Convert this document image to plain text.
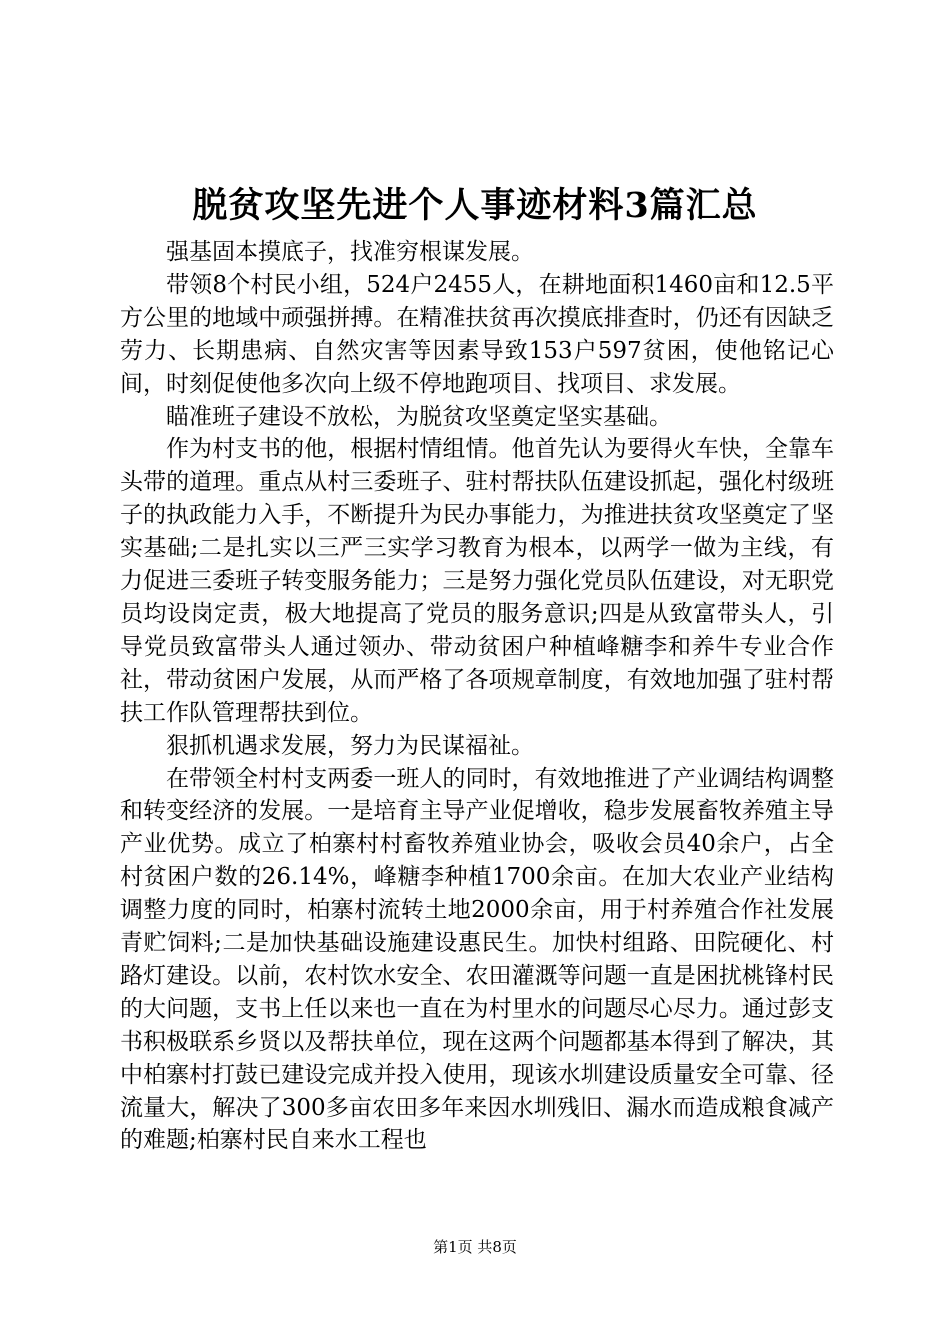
脱贫攻坚先进个人事迹材料3篇汇总

强基固本摸底子，找准穷根谋发展。

带领8个村民小组，524户2455人，在耕地面积1460亩和12.5平方公里的地域中顽强拼搏。在精准扶贫再次摸底排查时，仍还有因缺乏劳力、长期患病、自然灾害等因素导致153户597贫困，使他铭记心间，时刻促使他多次向上级不停地跑项目、找项目、求发展。

瞄准班子建设不放松，为脱贫攻坚奠定坚实基础。

作为村支书的他，根据村情组情。他首先认为要得火车快，全靠车头带的道理。重点从村三委班子、驻村帮扶队伍建设抓起，强化村级班子的执政能力入手，不断提升为民办事能力，为推进扶贫攻坚奠定了坚实基础;二是扎实以三严三实学习教育为根本，以两学一做为主线，有力促进三委班子转变服务能力；三是努力强化党员队伍建设，对无职党员均设岗定责，极大地提高了党员的服务意识;四是从致富带头人，引导党员致富带头人通过领办、带动贫困户种植峰糖李和养牛专业合作社，带动贫困户发展，从而严格了各项规章制度，有效地加强了驻村帮扶工作队管理帮扶到位。

狠抓机遇求发展，努力为民谋福祉。

在带领全村村支两委一班人的同时，有效地推进了产业调结构调整和转变经济的发展。一是培育主导产业促增收，稳步发展畜牧养殖主导产业优势。成立了柏寨村村畜牧养殖业协会，吸收会员40余户，占全村贫困户数的26.14%，峰糖李种植1700余亩。在加大农业产业结构调整力度的同时，柏寨村流转土地2000余亩，用于村养殖合作社发展青贮饲料;二是加快基础设施建设惠民生。加快村组路、田院硬化、村路灯建设。以前，农村饮水安全、农田灌溉等问题一直是困扰桃锋村民的大问题，支书上任以来也一直在为村里水的问题尽心尽力。通过彭支书积极联系乡贤以及帮扶单位，现在这两个问题都基本得到了解决，其中柏寨村打鼓已建设完成并投入使用，现该水圳建设质量安全可靠、径流量大，解决了300多亩农田多年来因水圳残旧、漏水而造成粮食减产的难题;柏寨村民自来水工程也

第1页 共8页
